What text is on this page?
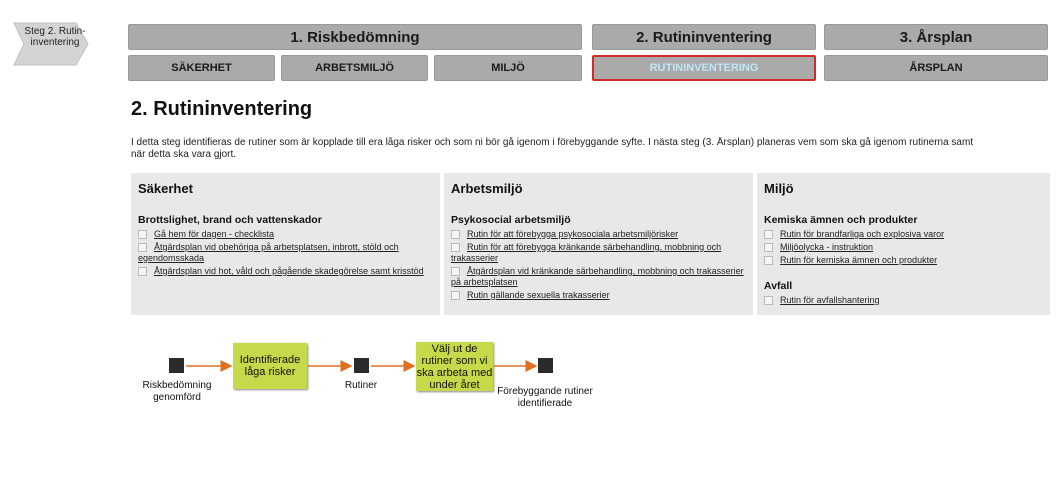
Steg 2. Rutin-
inventering	1. Riskbedömning	2. Rutininventering	3. Årsplan
SÄKERHET	ARBETSMILJÖ	MILJÖ	RUTININVENTERING	ÅRSPLAN
2. Rutininventering
I detta steg identifieras de rutiner som är kopplade till era låga risker och som ni bör gå igenom i förebyggande syfte. I nästa steg (3. Årsplan) planeras vem som ska gå igenom rutinerna samt
när detta ska vara gjort.
Säkerhet
Brottslighet, brand och vattenskador
Gå hem för dagen - checklista
Åtgärdsplan vid obehöriga på arbetsplatsen, inbrott, stöld och egendomsskada
Åtgärdsplan vid hot, våld och pågående skadegörelse samt krisstöd
Arbetsmiljö
Psykosocial arbetsmiljö
Rutin för att förebygga psykosociala arbetsmiljörisker
Rutin för att förebygga kränkande särbehandling, mobbning och trakasserier
Åtgärdsplan vid kränkande särbehandling, mobbning och trakasserier på arbetsplatsen
Rutin gällande sexuella trakasserier
Miljö
Kemiska ämnen och produkter
Rutin för brandfarliga och explosiva varor
Miljöolycka - instruktion
Rutin för kemiska ämnen och produkter
Avfall
Rutin för avfallshantering
Riskbedömning genomförd
Identifierade låga risker
Rutiner
Välj ut de rutiner som vi ska arbeta med under året
Förebyggande rutiner identifierade
